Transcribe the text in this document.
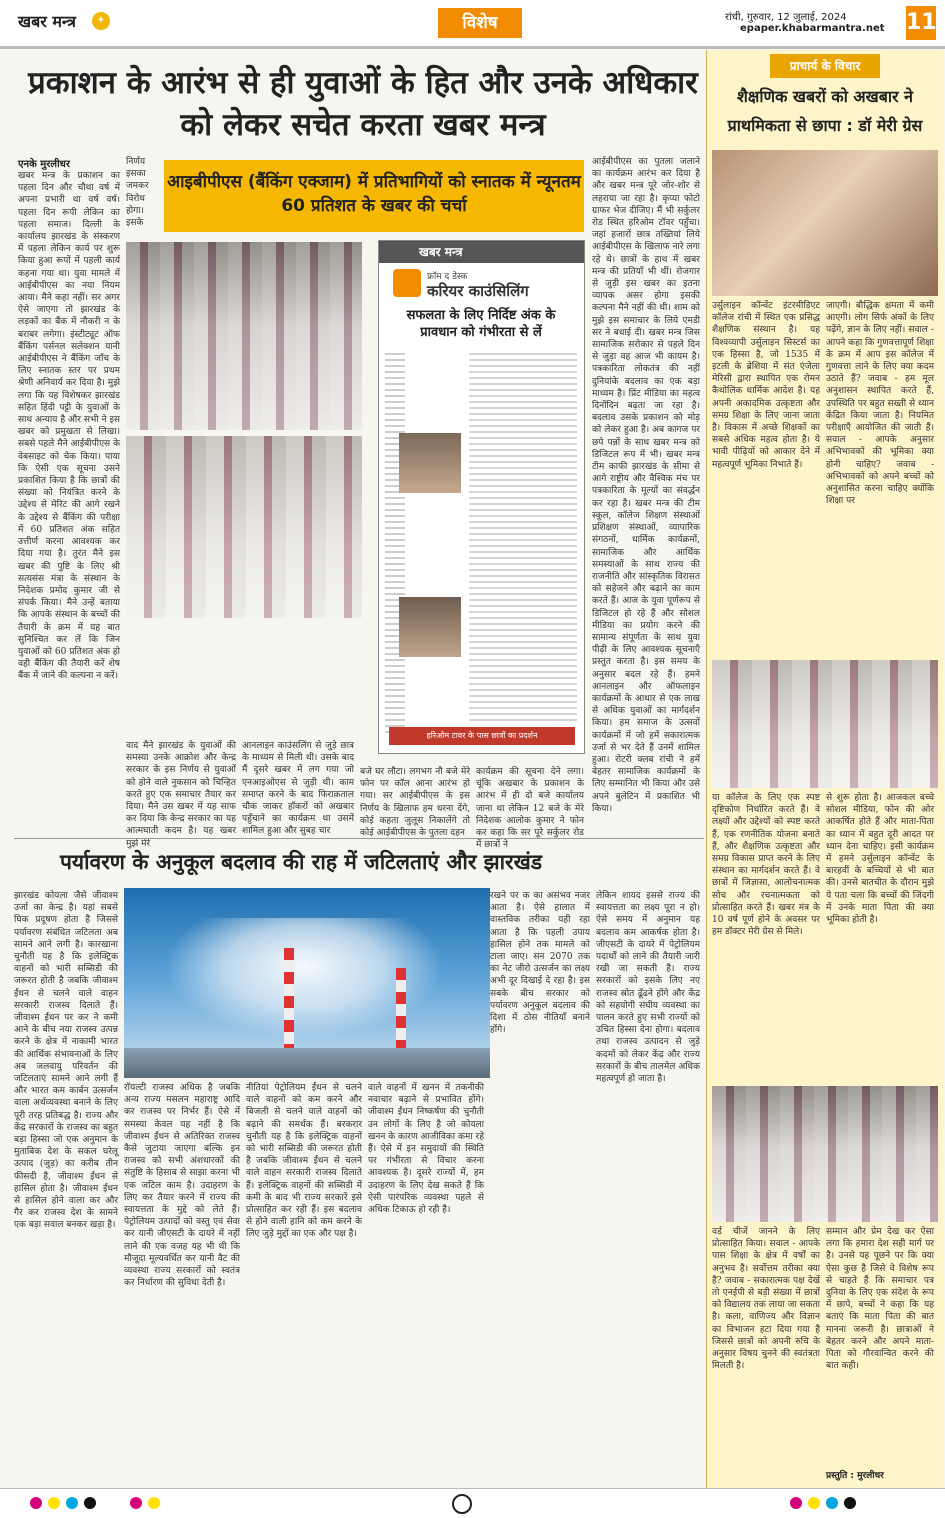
खबर मन्त्र	✦	विशेष	रांची, गुरुवार, 12 जुलाई, 2024
epaper.khabarmantra.net 11
प्रकाशन के आरंभ से ही युवाओं के हित और उनके अधिकार को लेकर सचेत करता खबर मन्त्र
एनके मुरलीधर
खबर मन्त्र के प्रकाशन का पहला दिन और चौथा वर्ष में अपना प्रभारी था वर्ष वर्ष। पहला दिन रूपी लेकिन का पहला समाज। दिल्ली के कार्यालय झारखंड के संस्करण में पहला लेकिन कार्य पर शुरू किया हुआ रूपों में पहली कार्य कहना गया था। युवा मामले में आईबीपीएस का नया नियम आया। मैने कहा नहीं। सर अगर ऐसे जाएगा तो झारखंड के लड़कों का बैंक में नौकरी न के बराबर लगेगा। इंस्टीट्यूट ऑफ बैंकिंग पर्सनल सलेक्शन यानी आईबीपीएस ने बैंकिंग जाँच के लिए स्नातक स्तर पर प्रथम श्रेणी अनिवार्य कर दिया है। मुझे लगा कि यह विशेषकर झारखंड सहित हिंदी पट्टी के युवाओं के साथ अन्याय है और सभी ने इस खबर को प्रमुखता से लिखा। सबसे पहले मैने आईबीपीएस के वेबसाइट को चेक किया। पाया कि ऐसी एक सूचना उसने प्रकाशित किया है कि छात्रों की संख्या को नियंत्रित करने के उद्देश्य से मेरिट की आगे रखने के उद्देश्य से बैंकिंग की परीक्षा में 60 प्रतिशत अंक सहित उत्तीर्ण करना आवश्यक कर दिया गया है। तुरंत मैने इस खबर की पुष्टि के लिए श्री सत्यसंस मंत्रा के संस्थान के निदेशक प्रमोद कुमार जी से संपर्क किया। मैने उन्हें बताया कि आपके संस्थान के बच्चों की तैयारी के क्रम में यह बात सुनिश्चित कर लें कि जिन युवाओं को 60 प्रतिशत अंक हो वही बैंकिंग की तैयारी करें शेष बैंक में जाने की कल्पना न करें।
निर्णय इसका जमकर विरोध होगा। इसके
आइबीपीएस (बैंकिंग एक्जाम) में प्रतिभागियों को स्नातक में न्यूनतम 60 प्रतिशत के खबर की चर्चा
वाद मैने झारखंड के युवाओं की समस्या उनके आक्रोश और केन्द्र सरकार के इस निर्णय से युवाओं को होने वाले नुकसान को चिन्हित करते हुए एक समाचार तैयार कर दिया। मैने उस खबर में यह साफ कर दिया कि केन्द्र सरकार का यह आत्मघाती कदम है। यह खबर मुझे मेरे
आनलाइन काउंसलिंग से जुड़े छात्र के माध्यम से मिली थी। उसके बाद मैं दूसरे खबर में लग गया जो एनआइओएस से जुड़ी थी। काम समाप्त करने के बाद फिराक़ताल चौक जाकर हॉकरों को अखबार पहुँचाने का कार्यक्रम था उसमें शामिल हुआ और सुबह चार
बजे घर लौटा। लगभग नौ बजे मेरे फोन पर कॉल आना आरंभ हो गया। सर आईबीपीएस के इस निर्णय के खिलाफ हम धरना देंगे, कोई कहता जुलूस निकालेंगे तो कोई आईबीपीएस के पुतला दहन
कार्यक्रम की सूचना देने लगा। चूंकि अखबार के प्रकाशन के आरंभ में ही दो बजे कार्यालय जाना था लेकिन 12 बजे के मेरे निदेशक आलोक कुमार ने फोन कर कहा कि सर पूरे सर्कुलर रोड में छात्रों ने
आईबीपीएस का पुतला जलाने का कार्यक्रम आरंभ कर दिया है और खबर मन्त्र पूरे जोर-शोर से लहराया जा रहा है। कृप्या फोटो ग्राफर भेज दीजिए। मैं भी सर्कुलर रोड स्थित हरिओम टॉवर पहुँचा। जहां हजारों छात्र तख्तियां लिये आईबीपीएस के खिलाफ नारे लगा रहे थे। छात्रों के हाथ में खबर मन्त्र की प्रतियाँ भी थीं। रोजगार से जुड़ी इस खबर का इतना व्यापक असर होगा इसकी कल्पना मैने नहीं की थी। शाम को मुझे इस समाचार के लिये एमडी सर ने बधाई दी। खबर मन्त्र जिस सामाजिक सरोकार से पहले दिन से जुड़ा वह आज भी कायम है। पत्रकारिता लोकतंत्र की नहीं दुनियांके बदलाव का एक बड़ा माध्यम है। प्रिंट मीडिया का महत्व दिनोंदिन बढ़ता जा रहा है। बदलाव उसके प्रकाशन को मोड़ को लेकर हुआ है। अब कागज पर छपे पन्नों के साथ खबर मन्त्र को डिजिटल रूप में भी। खबर मन्त्र टीम काफी झारखंड के सीमा से आगे राष्ट्रीय और वैश्विक मंच पर पत्रकारिता के मूल्यों का संवर्द्धन कर रहा है। खबर मन्त्र की टीम स्कूल, कॉलेज शिक्षण संस्थाओं प्रशिक्षण संस्थाओं, व्यापारिक संगठनों, धार्मिक कार्यक्रमों, सामाजिक और आर्थिक समस्याओं के साथ राज्य की राजनीति और सांस्कृतिक विरासत को सहेजने और बढ़ाने का काम करते हैं। आज के युवा पूर्णरूप से डिजिटल हो रहे हैं और सोशल मीडिया का प्रयोग करने की सामान्य संपूर्णता के साथ युवा पीढ़ी के लिए आवश्यक सूचनाएँ प्रस्तुत करता है। इस समय के अनुसार बदल रहे हैं। हमने आनलाइन और ऑफलाइन कार्यक्रमों के आधार से एक लाख से अधिक युवाओं का मार्गदर्शन किया। हम समाज के उत्सवों कार्यक्रमों में जो हमें सकारात्मक उर्जा से भर देते हैं उनमें शामिल हुआ। रोटरी क्लब रांची ने हमें बेहतर सामाजिक कार्यक्रमों के लिए सम्मानित भी किया और उसे अपने बुलेटिन में प्रकाशित भी किया।
खबर मन्त्र
फ्रॉम द डेस्क
करियर काउंसिलिंग
सफलता के लिए निर्दिष्ट अंक के प्रावधान को गंभीरता से लें
हरिओम टावर के पास छात्रों का प्रदर्शन
पर्यावरण के अनुकूल बदलाव की राह में जटिलताएं और झारखंड
झारखंड कोयला जैसे जीवाश्म उर्जा का केन्द्र है। यहां सबसे घिक प्रदूषण होता है जिससे पर्यावरण संबंधित जटिलता अब सामने आने लगी है। कारखाना चुनौती यह है कि इलेक्ट्रिक वाहनों को भारी सब्सिडी की जरूरत होती है जबकि जीवाश्म ईंधन से चलने वाले वाहन सरकारी राजस्व दिलाते हैं। जीवाश्म ईंधन पर कर ने कमी आने के बीच नया राजस्व उत्पन्न करने के क्षेत्र में नाकामी भारत की आर्थिक संभावनाओं के लिए अब जलवायु परिवर्तन की जटिलताएं सामने आने लगी हैं और भारत कम कार्बन उत्सर्जन वाला अर्थव्यवस्था बनाने के लिए पूरी तरह प्रतिबद्ध है। राज्य और केंद्र सरकारों के राजस्व का बहुत बड़ा हिस्सा जो एक अनुमान के मुताबिक देश के सकल घरेलू उत्पाद (जुड़) का करीब तीन फीसदी है, जीवाश्म ईंधन से हासिल होता है। जीवाश्म ईंधन से हासिल होने वाला कर और गैर कर राजस्व देश के सामने एक बड़ा सवाल बनकर खड़ा है।
रॉयल्टी राजस्व अधिक है जबकि अन्य राज्य मसलन महाराष्ट्र आदि कर राजस्व पर निर्भर हैं। ऐसे में समस्या केवल यह नहीं है कि जीवाश्म ईंधन से अतिरिक्त राजस्व कैसे जुटाया जाएगा बल्कि इन राजस्व को सभी अंशधारकों की संतुष्टि के हिसाब से साझा करना भी एक जटिल काम है। उदाहरण के लिए कर तैयार करने में राज्य की स्वायत्तता के मुद्दे को लेते हैं। पेट्रोलियम उत्पादों को वस्तु एवं सेवा कर यानी जीएसटी के दायरे में नहीं लाने की एक वजह यह भी थी कि मौजूदा मूल्यवर्धित कर यानी वैट की व्यवस्था राज्य सरकारों को स्वतंत्र कर निर्धारण की सुविधा देती है।
नीतियां पेट्रोलियम ईंधन से चलने वाले वाहनों को कम करने और बिजली से चलने वाले वाहनों को बढ़ाने की समर्थक हैं। बरकरार चुनौती यह है कि इलेक्ट्रिक वाहनों को भारी सब्सिडी की जरूरत होती है जबकि जीवाश्म ईंधन से चलने वाले वाहन सरकारी राजस्व दिलाते हैं। इलेक्ट्रिक वाहनों की सब्सिडी में कमी के बाद भी राज्य सरकारें इसे प्रोत्साहित कर रही हैं। इस बदलाव से होने वाली हानि को कम करने के लिए जुड़े मुद्दों का एक और पक्ष है।
वाले वाहनों में खनन में तकनीकी नवाचार बढ़ाने से प्रभावित होंगे। जीवाश्म ईंधन निष्कर्षण की चुनौती उन लोगों के लिए है जो कोयला खनन के कारण आजीविका कमा रहे हैं। ऐसे में इन समुदायों की स्थिति पर गंभीरता से विचार करना आवश्यक है। दूसरे राज्यों में, हम उदाहरण के लिए देख सकते हैं कि ऐसी पारंपरिक व्यवस्था पहले से अधिक टिकाऊ हो रही है।
रखने पर क का असंभव नजर आता है। ऐसे हालात में वास्तविक तरीका यही रहा आता है कि पहली उपाय हासिल होने तक मामले को टाला जाए। सन 2070 तक का नेट जीरो उत्सर्जन का लक्ष्य अभी दूर दिखाई दे रहा है। इस सबके बीच सरकार को पर्यावरण अनुकूल बदलाव की दिशा में ठोस नीतियाँ बनाने होंगे।
लेकिन शायद इससे राज्य की स्वायत्तता का लक्ष्य पूरा न हो। ऐसे समय में अनुमान यह बदलाव कम आकर्षक होता है। जीएसटी के दायरे में पेट्रोलियम पदार्थों को लाने की तैयारी जारी रखी जा सकती है। राज्य सरकारों को इसके लिए नए राजस्व स्रोत ढूँढने होंगे और केंद्र को सहयोगी संघीय व्यवस्था का पालन करते हुए सभी राज्यों को उचित हिस्सा देना होगा। बदलाव तथा राजस्व उत्पादन से जुड़े कदमों को लेकर केंद्र और राज्य सरकारों के बीच तालमेल अधिक महत्वपूर्ण हो जाता है।
प्राचार्य के विचार
शैक्षणिक खबरों को अखबार ने प्राथमिकता से छापा : डॉ मेरी ग्रेस
उर्सुलाइन कॉन्वेंट इंटरमीडिएट कॉलेज रांची में स्थित एक प्रसिद्ध शैक्षणिक संस्थान है। यह विश्वव्यापी उर्सुलाइन सिस्टर्स का एक हिस्सा है, जो 1535 में इटली के ब्रेशिया में संत एंजेला मेरिसी द्वारा स्थापित एक रोमन कैथोलिक धार्मिक आदेश है। यह अपनी अकादमिक उत्कृष्टता और समग्र शिक्षा के लिए जाना जाता है। विकास में अच्छे शिक्षकों का सबसे अधिक महत्व होता है। ये भावी पीढ़ियों को आकार देने में महत्वपूर्ण भूमिका निभाते हैं।
जाएगी। बौद्धिक क्षमता में कमी आएगी। लोग सिर्फ अंकों के लिए पढ़ेंगे, ज्ञान के लिए नहीं। सवाल - आपने कहा कि गुणवत्तापूर्ण शिक्षा के क्रम में आप इस कॉलेज में गुणवत्ता लाने के लिए क्या कदम उठाते हैं? जवाब - हम मूल अनुशासन स्थापित करते हैं, उपस्थिति पर बहुत सख्ती से ध्यान केंद्रित किया जाता है। नियमित परीक्षाएँ आयोजित की जाती हैं। सवाल - आपके अनुसार अभिभावकों की भूमिका क्या होनी चाहिए? जवाब - अभिभावकों को अपने बच्चों को अनुशासित करना चाहिए क्योंकि शिक्षा पर
या कॉलेज के लिए एक स्पष्ट दृष्टिकोण निर्धारित करते हैं। वे लक्ष्यों और उद्देश्यों को स्पष्ट करते हैं, एक रणनीतिक योजना बनाते हैं, और शैक्षणिक उत्कृष्टता और समग्र विकास प्राप्त करने के लिए संस्थान का मार्गदर्शन करते हैं। वे छात्रों में जिज्ञासा, आलोचनात्मक सोच और रचनात्मकता को प्रोत्साहित करते हैं। खबर मंत्र के 10 वर्ष पूर्ण होने के अवसर पर हम डॉक्टर मेरी ग्रेस से मिले।
से शुरू होता है। आजकल बच्चे सोशल मीडिया, फोन की ओर आकर्षित होते हैं और माता-पिता का ध्यान में बहुत दूरी आदत पर ध्यान देना चाहिए। इसी कार्यक्रम में हमने उर्सुलाइन कॉन्वेंट के बारहवीं के बच्चियों से भी बात की। उनसे बातचीत के दौरान मुझे ये पता चला कि बच्चों की जिंदगी में उनके माता पिता की क्या भूमिका होती है।
वर्ड चीजें जानने के लिए प्रोत्साहित किया। सवाल - आपके पास शिक्षा के क्षेत्र में वर्षों का अनुभव है। सर्वोत्तम तरीका क्या है? जवाब - सकारात्मक पक्ष देखें तो एनईपी से बड़ी संख्या में छात्रों को विद्यालय तक लाया जा सकता है। कला, वाणिज्य और विज्ञान का विभाजन हटा दिया गया है जिससे छात्रों को अपनी रुचि के अनुसार विषय चुनने की स्वतंत्रता मिलती है।
सम्मान और प्रेम देख कर ऐसा लगा कि हमारा देश सही मार्ग पर है। उनसे यह पूछने पर कि क्या ऐसा कुछ है जिसे वे विशेष रूप से चाहते हैं कि समाचार पत्र दुनिया के लिए एक संदेश के रूप में छापे, बच्चों ने कहा कि यह बताएं कि माता पिता की बात मानना जरूरी है। छात्राओं ने बेहतर करने और अपने माता-पिता को गौरवान्वित करने की बात कही।
प्रस्तुति : मुरलीधर
